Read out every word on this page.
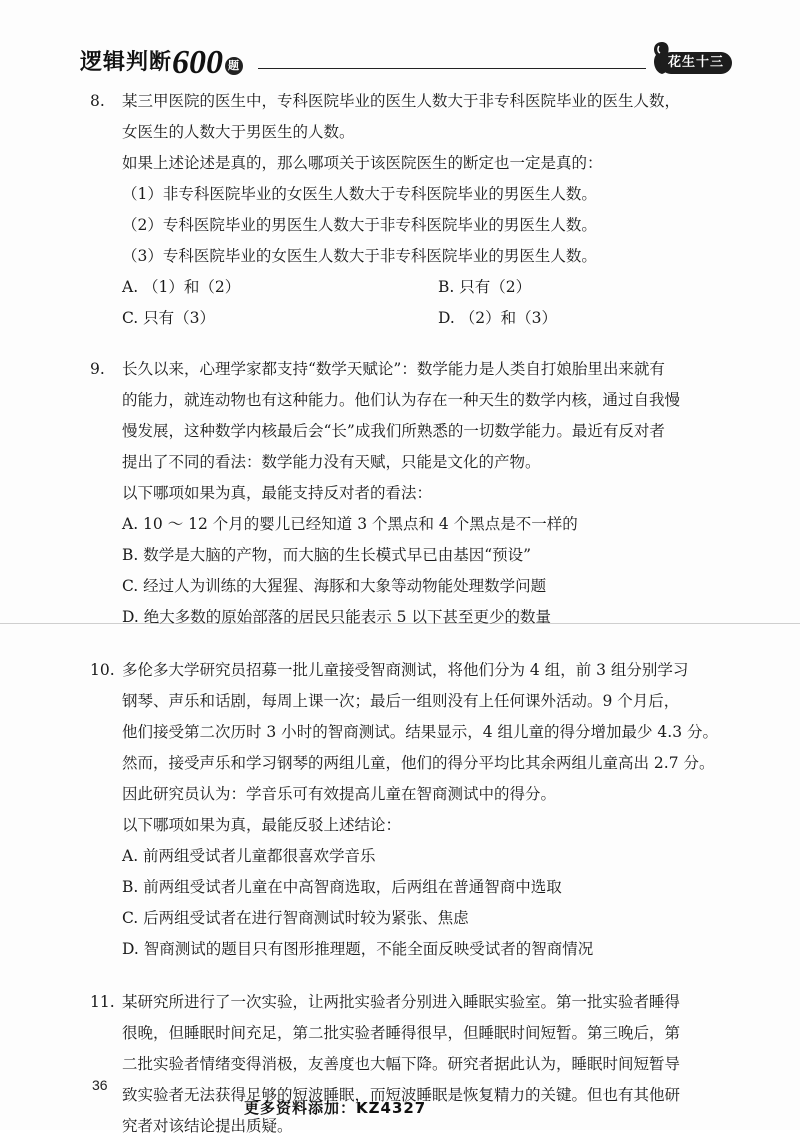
逻辑判断600 题	花生十三
8. 某三甲医院的医生中，专科医院毕业的医生人数大于非专科医院毕业的医生人数，
女医生的人数大于男医生的人数。
如果上述论述是真的，那么哪项关于该医院医生的断定也一定是真的：
（1）非专科医院毕业的女医生人数大于专科医院毕业的男医生人数。
（2）专科医院毕业的男医生人数大于非专科医院毕业的男医生人数。
（3）专科医院毕业的女医生人数大于非专科医院毕业的男医生人数。
A. （1）和（2）	B. 只有（2）
C. 只有（3）	D. （2）和（3）
9. 长久以来，心理学家都支持“数学天赋论”：数学能力是人类自打娘胎里出来就有
的能力，就连动物也有这种能力。他们认为存在一种天生的数学内核，通过自我慢
慢发展，这种数学内核最后会“长”成我们所熟悉的一切数学能力。最近有反对者
提出了不同的看法：数学能力没有天赋，只能是文化的产物。
以下哪项如果为真，最能支持反对者的看法：
A. 10 ～ 12 个月的婴儿已经知道 3 个黑点和 4 个黑点是不一样的
B. 数学是大脑的产物，而大脑的生长模式早已由基因“预设”
C. 经过人为训练的大猩猩、海豚和大象等动物能处理数学问题
D. 绝大多数的原始部落的居民只能表示 5 以下甚至更少的数量
10. 多伦多大学研究员招募一批儿童接受智商测试，将他们分为 4 组，前 3 组分别学习
钢琴、声乐和话剧，每周上课一次；最后一组则没有上任何课外活动。9 个月后，
他们接受第二次历时 3 小时的智商测试。结果显示，4 组儿童的得分增加最少 4.3 分。
然而，接受声乐和学习钢琴的两组儿童，他们的得分平均比其余两组儿童高出 2.7 分。
因此研究员认为：学音乐可有效提高儿童在智商测试中的得分。
以下哪项如果为真，最能反驳上述结论：
A. 前两组受试者儿童都很喜欢学音乐
B. 前两组受试者儿童在中高智商选取，后两组在普通智商中选取
C. 后两组受试者在进行智商测试时较为紧张、焦虑
D. 智商测试的题目只有图形推理题，不能全面反映受试者的智商情况
11. 某研究所进行了一次实验，让两批实验者分别进入睡眠实验室。第一批实验者睡得
很晚，但睡眠时间充足，第二批实验者睡得很早，但睡眠时间短暂。第三晚后，第
二批实验者情绪变得消极，友善度也大幅下降。研究者据此认为，睡眠时间短暂导
致实验者无法获得足够的短波睡眠，而短波睡眠是恢复精力的关键。但也有其他研
究者对该结论提出质疑。
36
更多资料添加：KZ4327
